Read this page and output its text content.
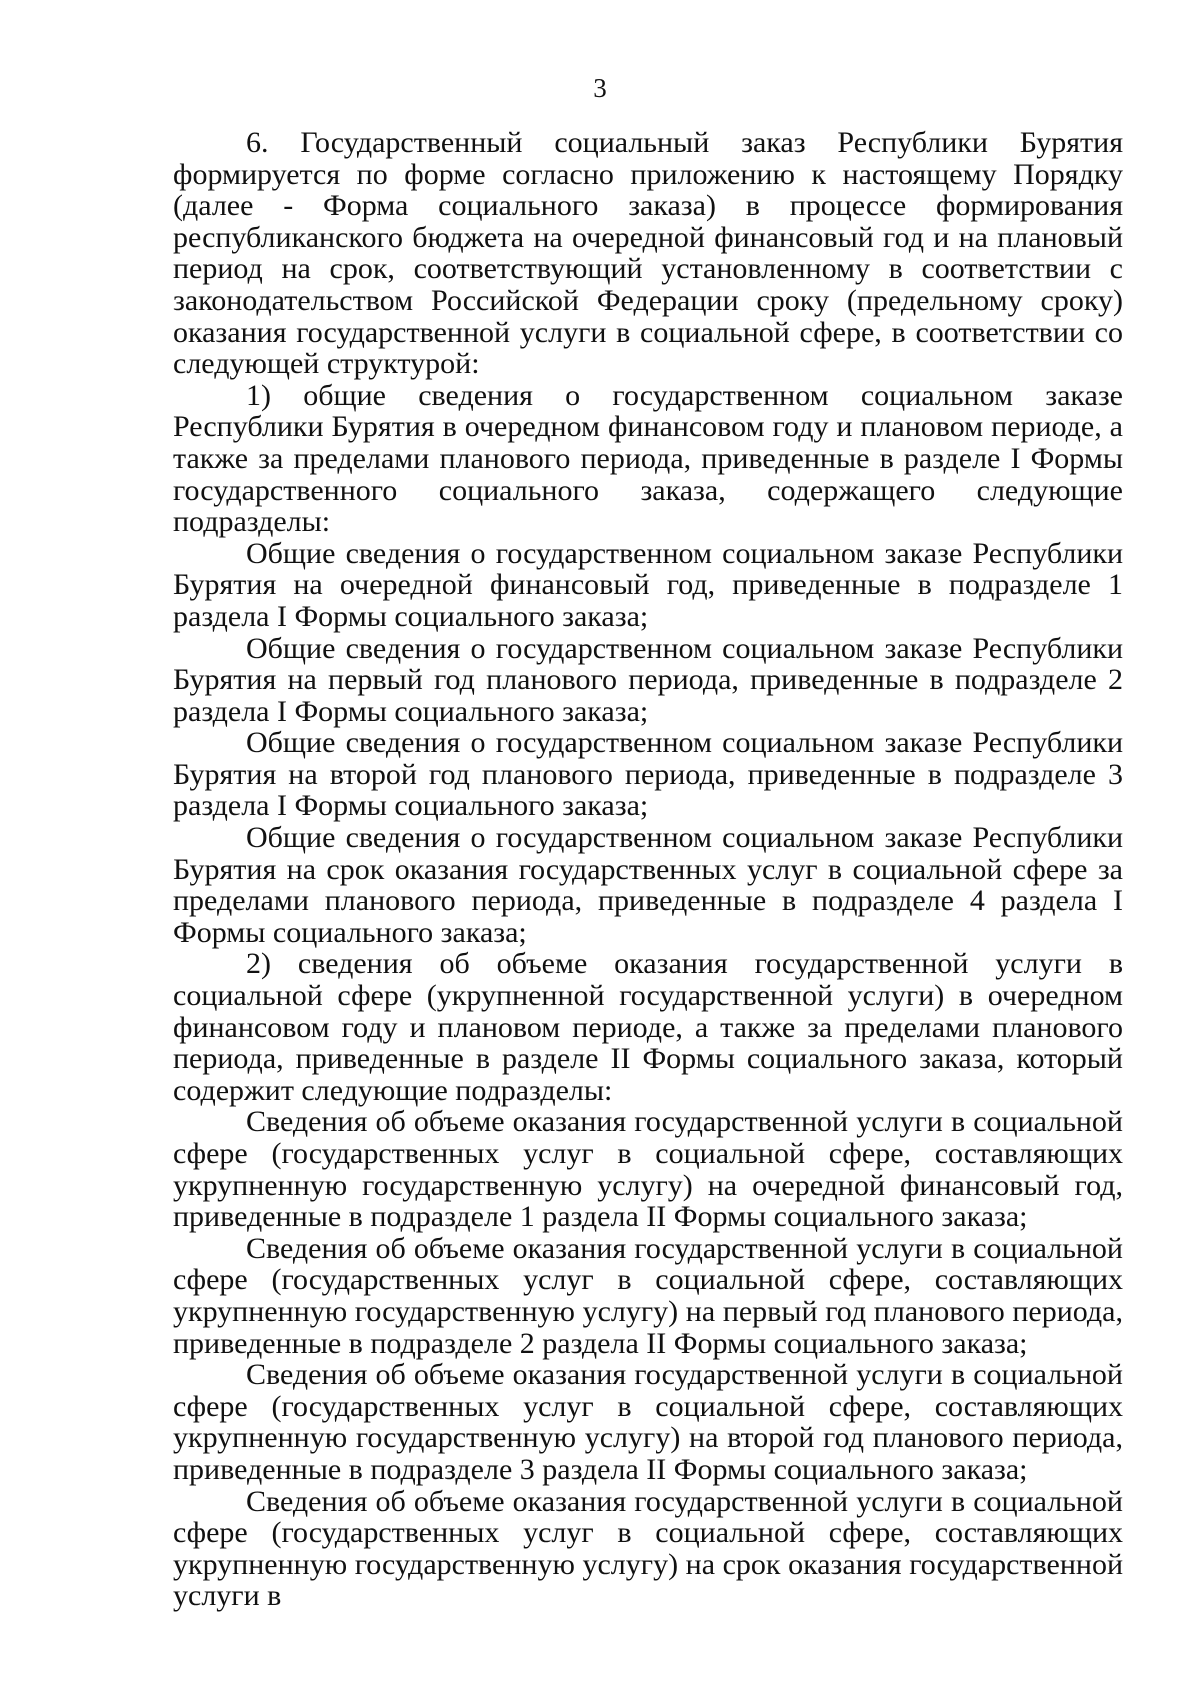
3

6. Государственный социальный заказ Республики Бурятия формируется по форме согласно приложению к настоящему Порядку (далее - Форма социального заказа) в процессе формирования республиканского бюджета на очередной финансовый год и на плановый период на срок, соответствующий установленному в соответствии с законодательством Российской Федерации сроку (предельному сроку) оказания государственной услуги в социальной сфере, в соответствии со следующей структурой:

1) общие сведения о государственном социальном заказе Республики Бурятия в очередном финансовом году и плановом периоде, а также за пределами планового периода, приведенные в разделе I Формы государственного социального заказа, содержащего следующие подразделы:

Общие сведения о государственном социальном заказе Республики Бурятия на очередной финансовый год, приведенные в подразделе 1 раздела I Формы социального заказа;

Общие сведения о государственном социальном заказе Республики Бурятия на первый год планового периода, приведенные в подразделе 2 раздела I Формы социального заказа;

Общие сведения о государственном социальном заказе Республики Бурятия на второй год планового периода, приведенные в подразделе 3 раздела I Формы социального заказа;

Общие сведения о государственном социальном заказе Республики Бурятия на срок оказания государственных услуг в социальной сфере за пределами планового периода, приведенные в подразделе 4 раздела I Формы социального заказа;

2) сведения об объеме оказания государственной услуги в социальной сфере (укрупненной государственной услуги) в очередном финансовом году и плановом периоде, а также за пределами планового периода, приведенные в разделе II Формы социального заказа, который содержит следующие подразделы:

Сведения об объеме оказания государственной услуги в социальной сфере (государственных услуг в социальной сфере, составляющих укрупненную государственную услугу) на очередной финансовый год, приведенные в подразделе 1 раздела II Формы социального заказа;

Сведения об объеме оказания государственной услуги в социальной сфере (государственных услуг в социальной сфере, составляющих укрупненную государственную услугу) на первый год планового периода, приведенные в подразделе 2 раздела II Формы социального заказа;

Сведения об объеме оказания государственной услуги в социальной сфере (государственных услуг в социальной сфере, составляющих укрупненную государственную услугу) на второй год планового периода, приведенные в подразделе 3 раздела II Формы социального заказа;

Сведения об объеме оказания государственной услуги в социальной сфере (государственных услуг в социальной сфере, составляющих укрупненную государственную услугу) на срок оказания государственной услуги в
